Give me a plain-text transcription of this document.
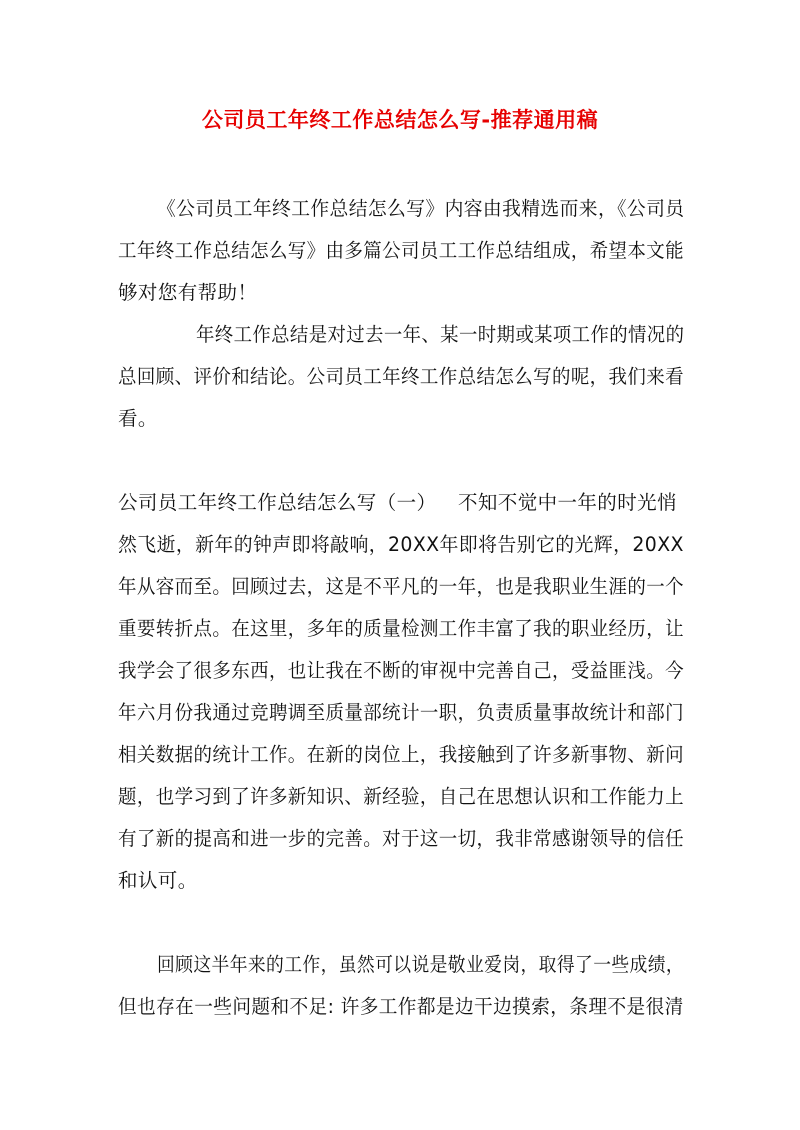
公司员工年终工作总结怎么写-推荐通用稿
《公司员工年终工作总结怎么写》内容由我精选而来，《公司员
工年终工作总结怎么写》由多篇公司员工工作总结组成，希望本文能
够对您有帮助！
年终工作总结是对过去一年、某一时期或某项工作的情况的
总回顾、评价和结论。公司员工年终工作总结怎么写的呢，我们来看
看。
公司员工年终工作总结怎么写（一） 不知不觉中一年的时光悄
然飞逝，新年的钟声即将敲响，20XX年即将告别它的光辉，20XX
年从容而至。回顾过去，这是不平凡的一年，也是我职业生涯的一个
重要转折点。在这里，多年的质量检测工作丰富了我的职业经历，让
我学会了很多东西，也让我在不断的审视中完善自己，受益匪浅。今
年六月份我通过竞聘调至质量部统计一职，负责质量事故统计和部门
相关数据的统计工作。在新的岗位上，我接触到了许多新事物、新问
题，也学习到了许多新知识、新经验，自己在思想认识和工作能力上
有了新的提高和进一步的完善。对于这一切，我非常感谢领导的信任
和认可。
回顾这半年来的工作，虽然可以说是敬业爱岗，取得了一些成绩，
但也存在一些问题和不足: 许多工作都是边干边摸索，条理不是很清
